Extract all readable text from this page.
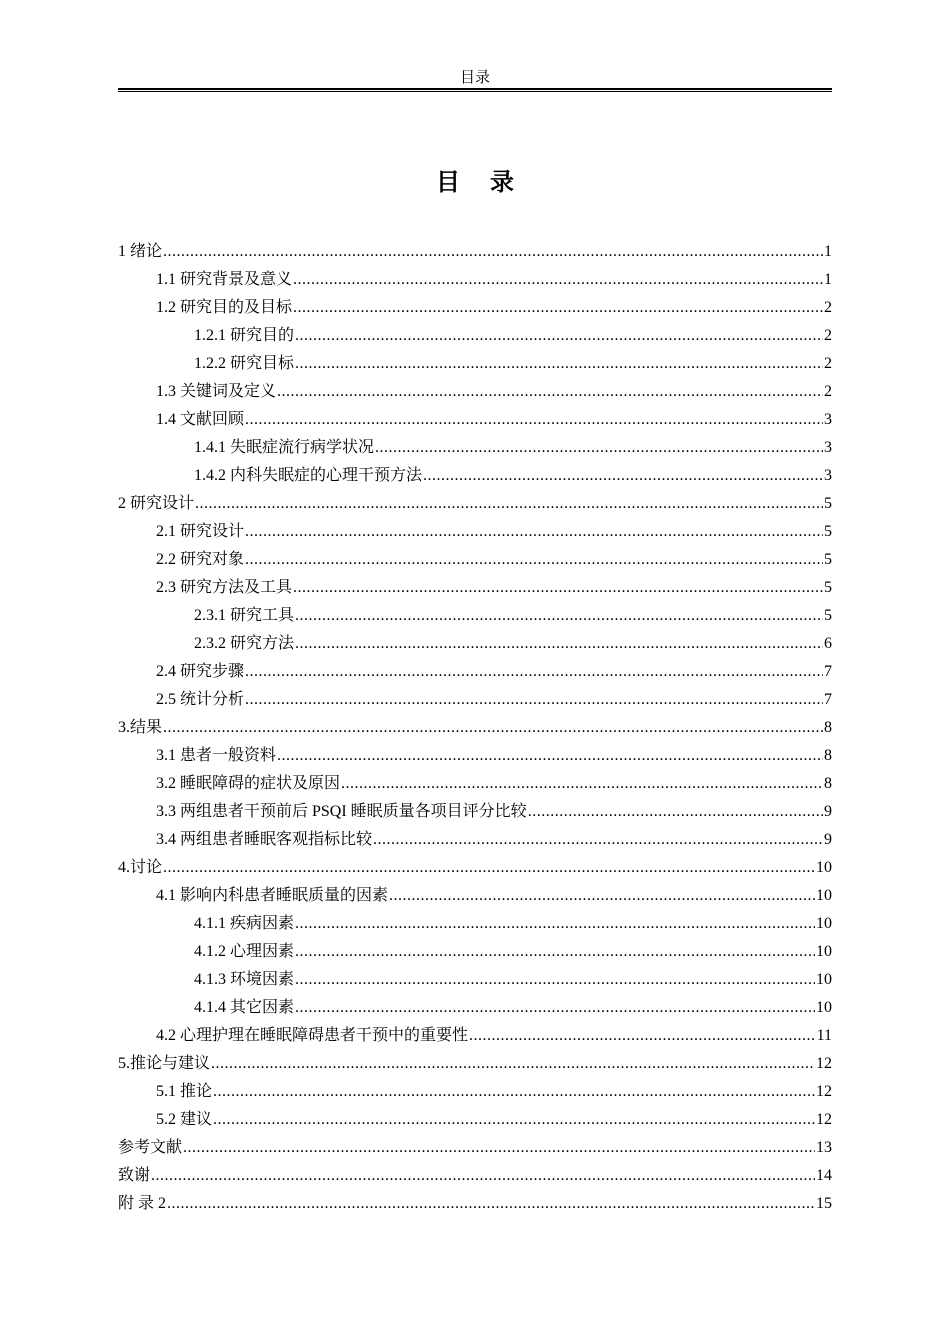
目录
目 录
1 绪论 .....	1
1.1 研究背景及意义 .....	1
1.2 研究目的及目标 .....	2
1.2.1 研究目的 .....	2
1.2.2 研究目标 .....	2
1.3 关键词及定义 .....	2
1.4 文献回顾 .....	3
1.4.1 失眠症流行病学状况 .....	3
1.4.2 内科失眠症的心理干预方法 .....	3
2 研究设计 .....	5
2.1 研究设计 .....	5
2.2 研究对象 .....	5
2.3 研究方法及工具 .....	5
2.3.1 研究工具 .....	5
2.3.2 研究方法 .....	6
2.4 研究步骤 .....	7
2.5 统计分析 .....	7
3.结果 .....	8
3.1 患者一般资料 .....	8
3.2 睡眠障碍的症状及原因 .....	8
3.3 两组患者干预前后 PSQI 睡眠质量各项目评分比较 .....	9
3.4 两组患者睡眠客观指标比较 .....	9
4.讨论 .....	10
4.1 影响内科患者睡眠质量的因素 .....	10
4.1.1 疾病因素 .....	10
4.1.2 心理因素 .....	10
4.1.3 环境因素 .....	10
4.1.4 其它因素 .....	10
4.2 心理护理在睡眠障碍患者干预中的重要性 .....	11
5.推论与建议 .....	12
5.1 推论 .....	12
5.2 建议 .....	12
参考文献 .....	13
致谢 .....	14
附 录 2 .....	15
